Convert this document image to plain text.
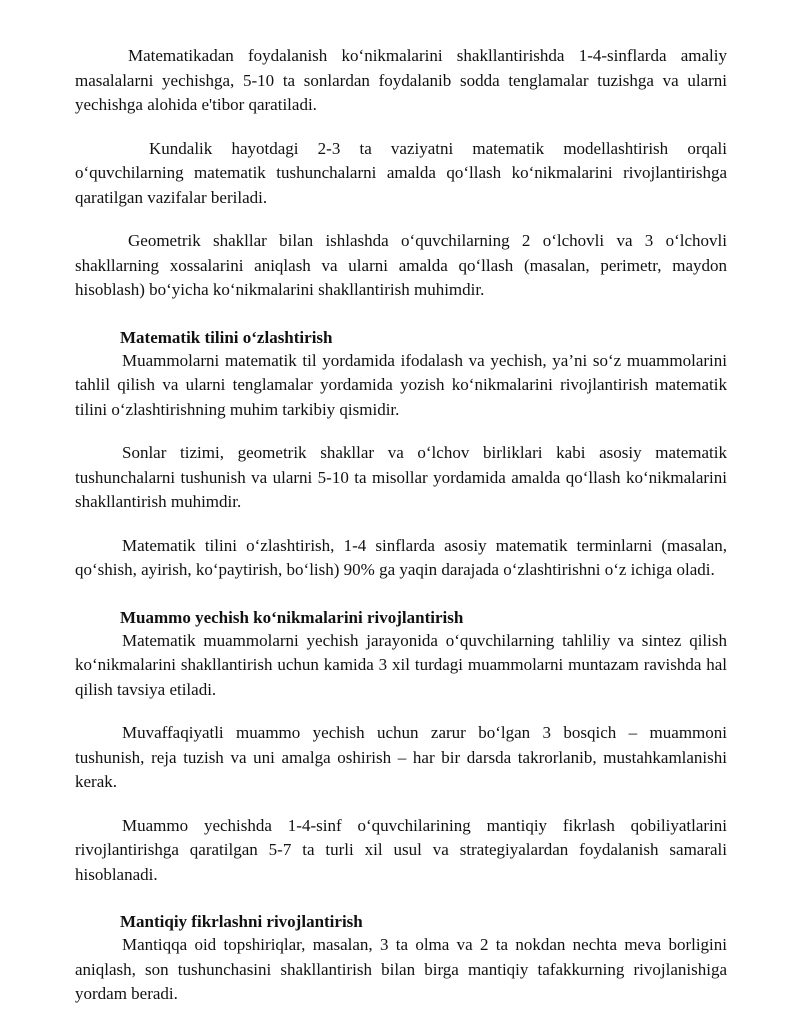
Matematikadan foydalanish ko‘nikmalarini shakllantirishda 1-4-sinflarda amaliy masalalarni yechishga, 5-10 ta sonlardan foydalanib sodda tenglamalar tuzishga va ularni yechishga alohida e'tibor qaratiladi.

Kundalik hayotdagi 2-3 ta vaziyatni matematik modellashtirish orqali o‘quvchilarning matematik tushunchalarni amalda qo‘llash ko‘nikmalarini rivojlantirishga qaratilgan vazifalar beriladi.

Geometrik shakllar bilan ishlashda o‘quvchilarning 2 o‘lchovli va 3 o‘lchovli shakllarning xossalarini aniqlash va ularni amalda qo‘llash (masalan, perimetr, maydon hisoblash) bo‘yicha ko‘nikmalarini shakllantirish muhimdir.

Matematik tilini o‘zlashtirish

Muammolarni matematik til yordamida ifodalash va yechish, ya’ni so‘z muammolarini tahlil qilish va ularni tenglamalar yordamida yozish ko‘nikmalarini rivojlantirish matematik tilini o‘zlashtirishning muhim tarkibiy qismidir.

Sonlar tizimi, geometrik shakllar va o‘lchov birliklari kabi asosiy matematik tushunchalarni tushunish va ularni 5-10 ta misollar yordamida amalda qo‘llash ko‘nikmalarini shakllantirish muhimdir.

Matematik tilini o‘zlashtirish, 1-4 sinflarda asosiy matematik terminlarni (masalan, qo‘shish, ayirish, ko‘paytirish, bo‘lish) 90% ga yaqin darajada o‘zlashtirishni o‘z ichiga oladi.

Muammo yechish ko‘nikmalarini rivojlantirish

Matematik muammolarni yechish jarayonida o‘quvchilarning tahliliy va sintez qilish ko‘nikmalarini shakllantirish uchun kamida 3 xil turdagi muammolarni muntazam ravishda hal qilish tavsiya etiladi.

Muvaffaqiyatli muammo yechish uchun zarur bo‘lgan 3 bosqich – muammoni tushunish, reja tuzish va uni amalga oshirish – har bir darsda takrorlanib, mustahkamlanishi kerak.

Muammo yechishda 1-4-sinf o‘quvchilarining mantiqiy fikrlash qobiliyatlarini rivojlantirishga qaratilgan 5-7 ta turli xil usul va strategiyalardan foydalanish samarali hisoblanadi.

Mantiqiy fikrlashni rivojlantirish

Mantiqqa oid topshiriqlar, masalan, 3 ta olma va 2 ta nokdan nechta meva borligini aniqlash, son tushunchasini shakllantirish bilan birga mantiqiy tafakkurning rivojlanishiga yordam beradi.
